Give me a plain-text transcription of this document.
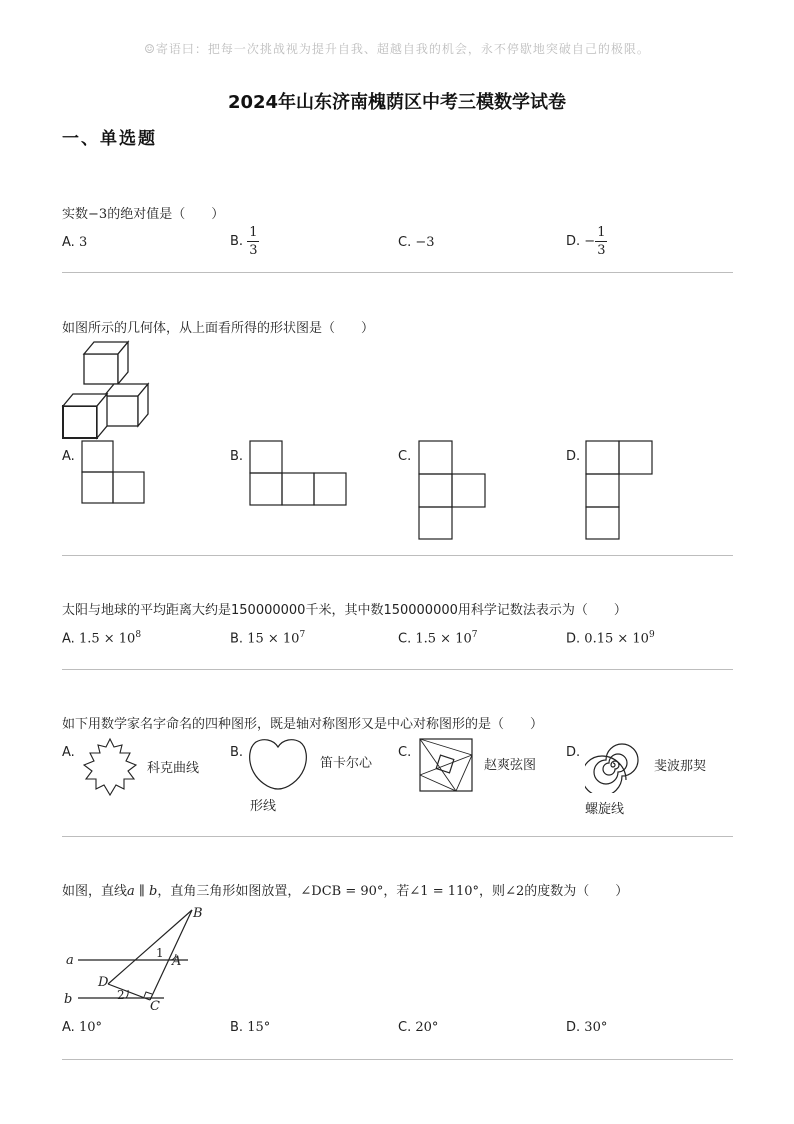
☺寄语曰：把每一次挑战视为提升自我、超越自我的机会，永不停歇地突破自己的极限。
2024年山东济南槐荫区中考三模数学试卷
一、单选题
实数−3的绝对值是（　　）
A. 3	B. $\frac{1}{3}$	C. −3	D. − $\frac{1}{3}$
如图所示的几何体，从上面看所得的形状图是（　　）
A.	B.	C.	D.
太阳与地球的平均距离大约是150000000千米，其中数150000000用科学记数法表示为（　　）
A. $1.5 \times 10^8$	B. $15 \times 10^7$	C. $1.5 \times 10^7$	D. $0.15 \times 10^9$
如下用数学家名字命名的四种图形，既是轴对称图形又是中心对称图形的是（　　）
A.
科克曲线
B.
笛卡尔心
形线
C.
赵爽弦图
D.
斐波那契
螺旋线
如图，直线a ∥ b，直角三角形如图放置，∠DCB = 90°，若∠1 = 110°，则∠2的度数为（　　）
B
A
a
b
D
C
1
2
A. 10°	B. 15°	C. 20°	D. 30°
